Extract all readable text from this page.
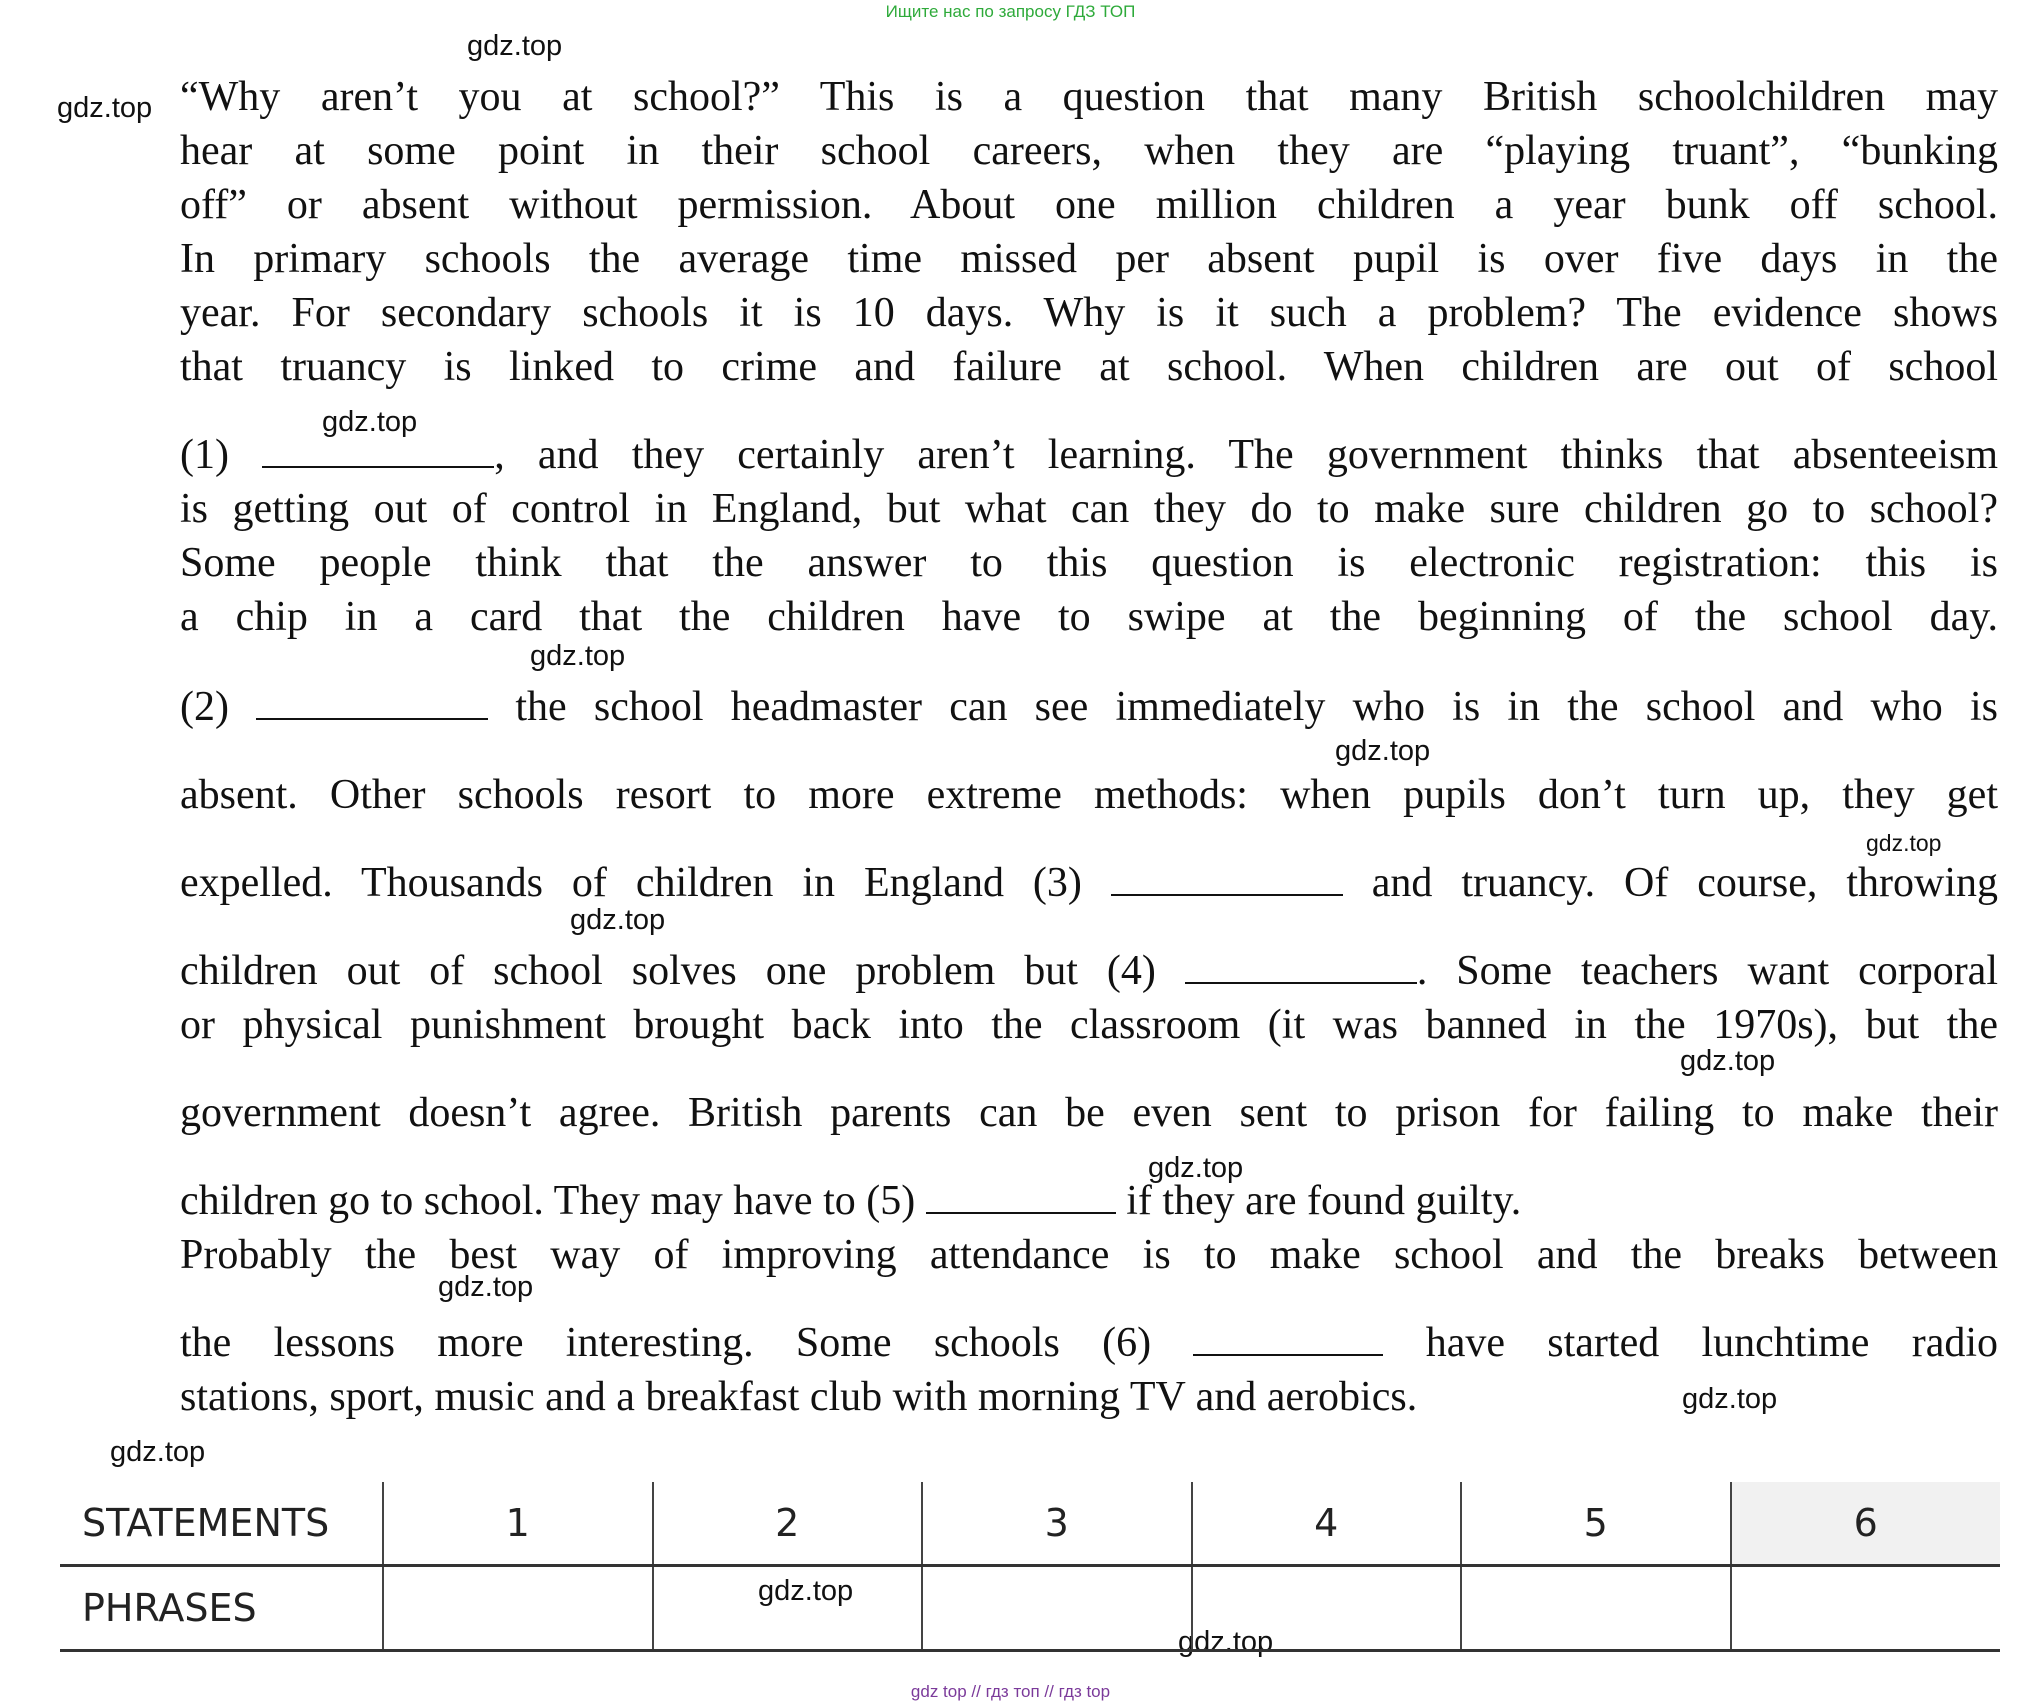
Ищите нас по запросу ГДЗ ТОП
gdz.top
gdz.top
gdz.top
gdz.top
gdz.top
gdz.top
gdz.top
gdz.top
gdz.top
gdz.top
gdz.top
gdz.top
gdz.top
gdz.top
“Why aren’t you at school?” This is a question that many British schoolchildren may
hear at some point in their school careers, when they are “playing truant”, “bunking
off” or absent without permission. About one million children a year bunk off school.
In primary schools the average time missed per absent pupil is over five days in the
year. For secondary schools it is 10 days. Why is it such a problem? The evidence shows
that truancy is linked to crime and failure at school. When children are out of school
(1)	, and they certainly aren’t learning. The government thinks that absenteeism
is getting out of control in England, but what can they do to make sure children go to school?
Some people think that the answer to this question is electronic registration: this is
a chip in a card that the children have to swipe at the beginning of the school day.
(2)	the school headmaster can see immediately who is in the school and who is
absent. Other schools resort to more extreme methods: when pupils don’t turn up, they get
expelled. Thousands of children in England (3)	and truancy. Of course, throwing
children out of school solves one problem but (4)	. Some teachers want corporal
or physical punishment brought back into the classroom (it was banned in the 1970s), but the
government doesn’t agree. British parents can be even sent to prison for failing to make their
children go to school. They may have to (5)	if they are found guilty.
Probably the best way of improving attendance is to make school and the breaks between
the lessons more interesting. Some schools (6)	have started lunchtime radio
stations, sport, music and a breakfast club with morning TV and aerobics.
STATEMENTS	1	2	3	4	5	6
PHRASES						
gdz top // гдз топ // гдз top
